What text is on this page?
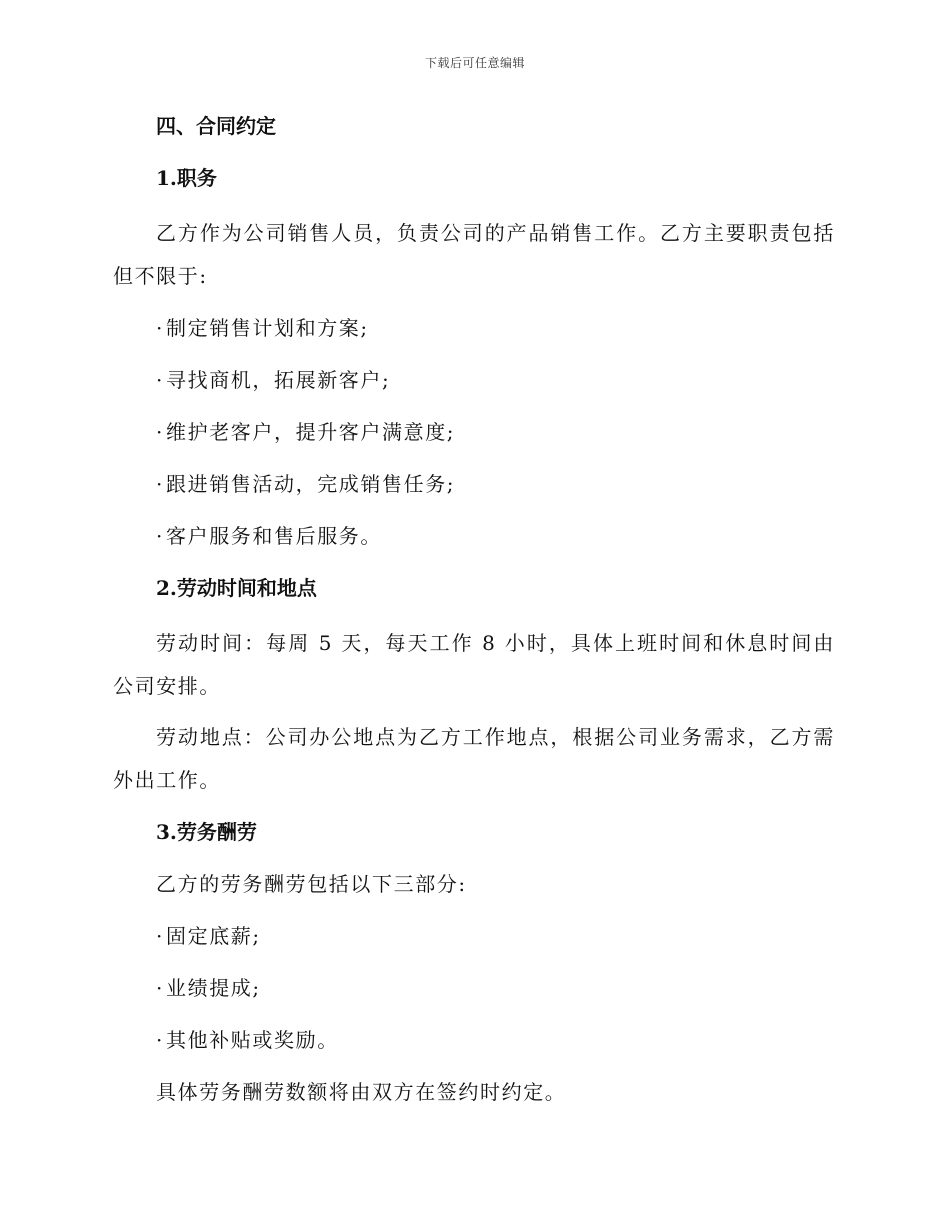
下载后可任意编辑
四、合同约定
1.职务

乙方作为公司销售人员，负责公司的产品销售工作。乙方主要职责包括但不限于:

· 制定销售计划和方案;
· 寻找商机，拓展新客户;
· 维护老客户，提升客户满意度;
· 跟进销售活动，完成销售任务;
· 客户服务和售后服务。
2.劳动时间和地点

劳动时间：每周 5 天，每天工作 8 小时，具体上班时间和休息时间由公司安排。

劳动地点：公司办公地点为乙方工作地点，根据公司业务需求，乙方需外出工作。

3.劳务酬劳
乙方的劳务酬劳包括以下三部分:
· 固定底薪;
· 业绩提成;
· 其他补贴或奖励。
具体劳务酬劳数额将由双方在签约时约定。
